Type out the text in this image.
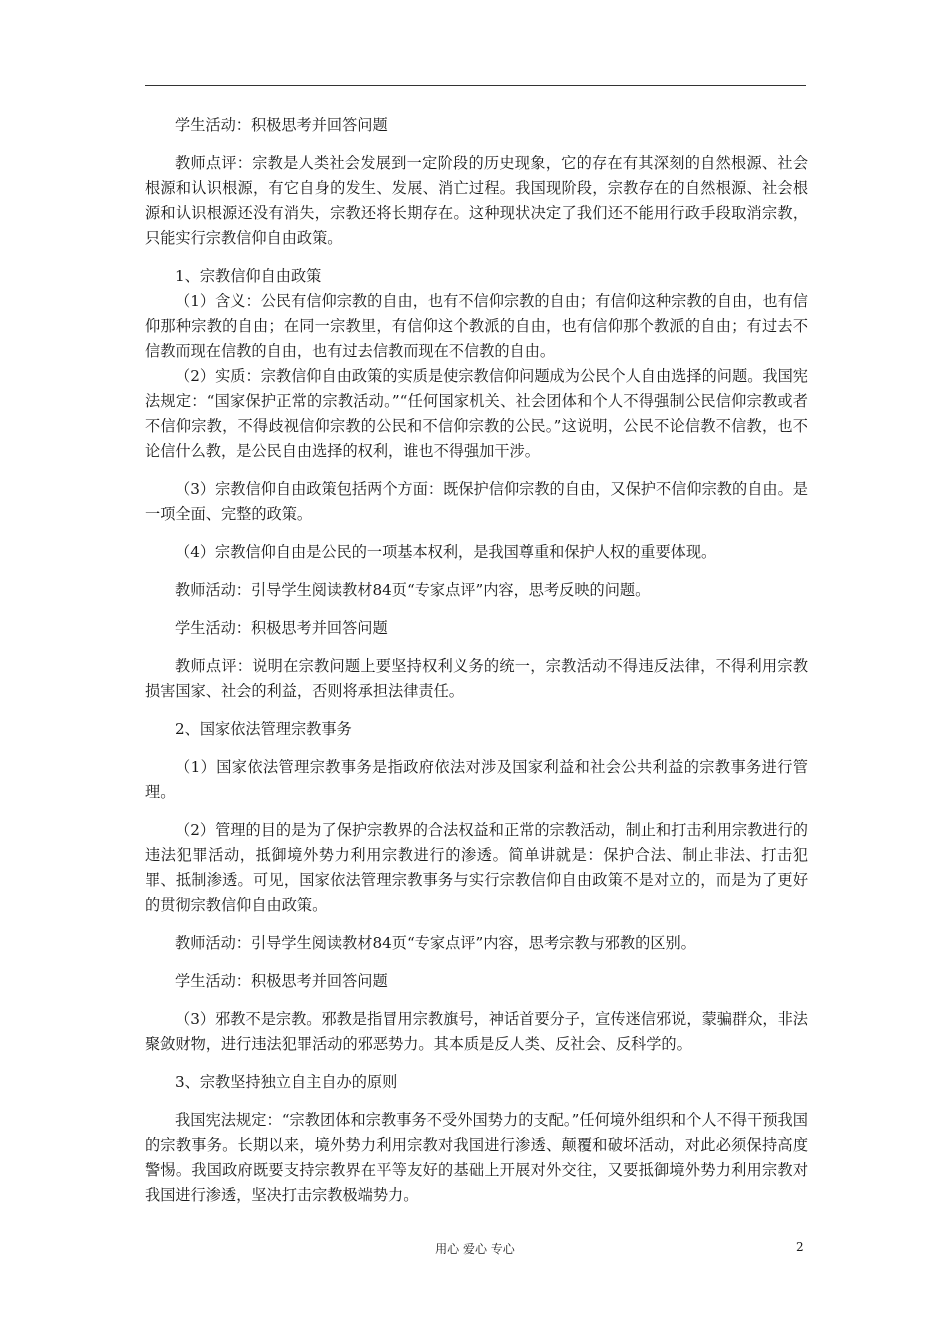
学生活动：积极思考并回答问题

教师点评：宗教是人类社会发展到一定阶段的历史现象，它的存在有其深刻的自然根源、社会根源和认识根源，有它自身的发生、发展、消亡过程。我国现阶段，宗教存在的自然根源、社会根源和认识根源还没有消失，宗教还将长期存在。这种现状决定了我们还不能用行政手段取消宗教，只能实行宗教信仰自由政策。

1、宗教信仰自由政策

（1）含义：公民有信仰宗教的自由，也有不信仰宗教的自由；有信仰这种宗教的自由，也有信仰那种宗教的自由；在同一宗教里，有信仰这个教派的自由，也有信仰那个教派的自由；有过去不信教而现在信教的自由，也有过去信教而现在不信教的自由。

（2）实质：宗教信仰自由政策的实质是使宗教信仰问题成为公民个人自由选择的问题。我国宪法规定：“国家保护正常的宗教活动。”“任何国家机关、社会团体和个人不得强制公民信仰宗教或者不信仰宗教，不得歧视信仰宗教的公民和不信仰宗教的公民。”这说明，公民不论信教不信教，也不论信什么教，是公民自由选择的权利，谁也不得强加干涉。

（3）宗教信仰自由政策包括两个方面：既保护信仰宗教的自由，又保护不信仰宗教的自由。是一项全面、完整的政策。

（4）宗教信仰自由是公民的一项基本权利，是我国尊重和保护人权的重要体现。

教师活动：引导学生阅读教材84页“专家点评”内容，思考反映的问题。

学生活动：积极思考并回答问题

教师点评：说明在宗教问题上要坚持权利义务的统一，宗教活动不得违反法律，不得利用宗教损害国家、社会的利益，否则将承担法律责任。

2、国家依法管理宗教事务

（1）国家依法管理宗教事务是指政府依法对涉及国家利益和社会公共利益的宗教事务进行管理。

（2）管理的目的是为了保护宗教界的合法权益和正常的宗教活动，制止和打击利用宗教进行的违法犯罪活动，抵御境外势力利用宗教进行的渗透。简单讲就是：保护合法、制止非法、打击犯罪、抵制渗透。可见，国家依法管理宗教事务与实行宗教信仰自由政策不是对立的，而是为了更好的贯彻宗教信仰自由政策。

教师活动：引导学生阅读教材84页“专家点评”内容，思考宗教与邪教的区别。

学生活动：积极思考并回答问题

（3）邪教不是宗教。邪教是指冒用宗教旗号，神话首要分子，宣传迷信邪说，蒙骗群众，非法聚敛财物，进行违法犯罪活动的邪恶势力。其本质是反人类、反社会、反科学的。

3、宗教坚持独立自主自办的原则

我国宪法规定：“宗教团体和宗教事务不受外国势力的支配。”任何境外组织和个人不得干预我国的宗教事务。长期以来，境外势力利用宗教对我国进行渗透、颠覆和破坏活动，对此必须保持高度警惕。我国政府既要支持宗教界在平等友好的基础上开展对外交往，又要抵御境外势力利用宗教对我国进行渗透，坚决打击宗教极端势力。

用心 爱心 专心	2
